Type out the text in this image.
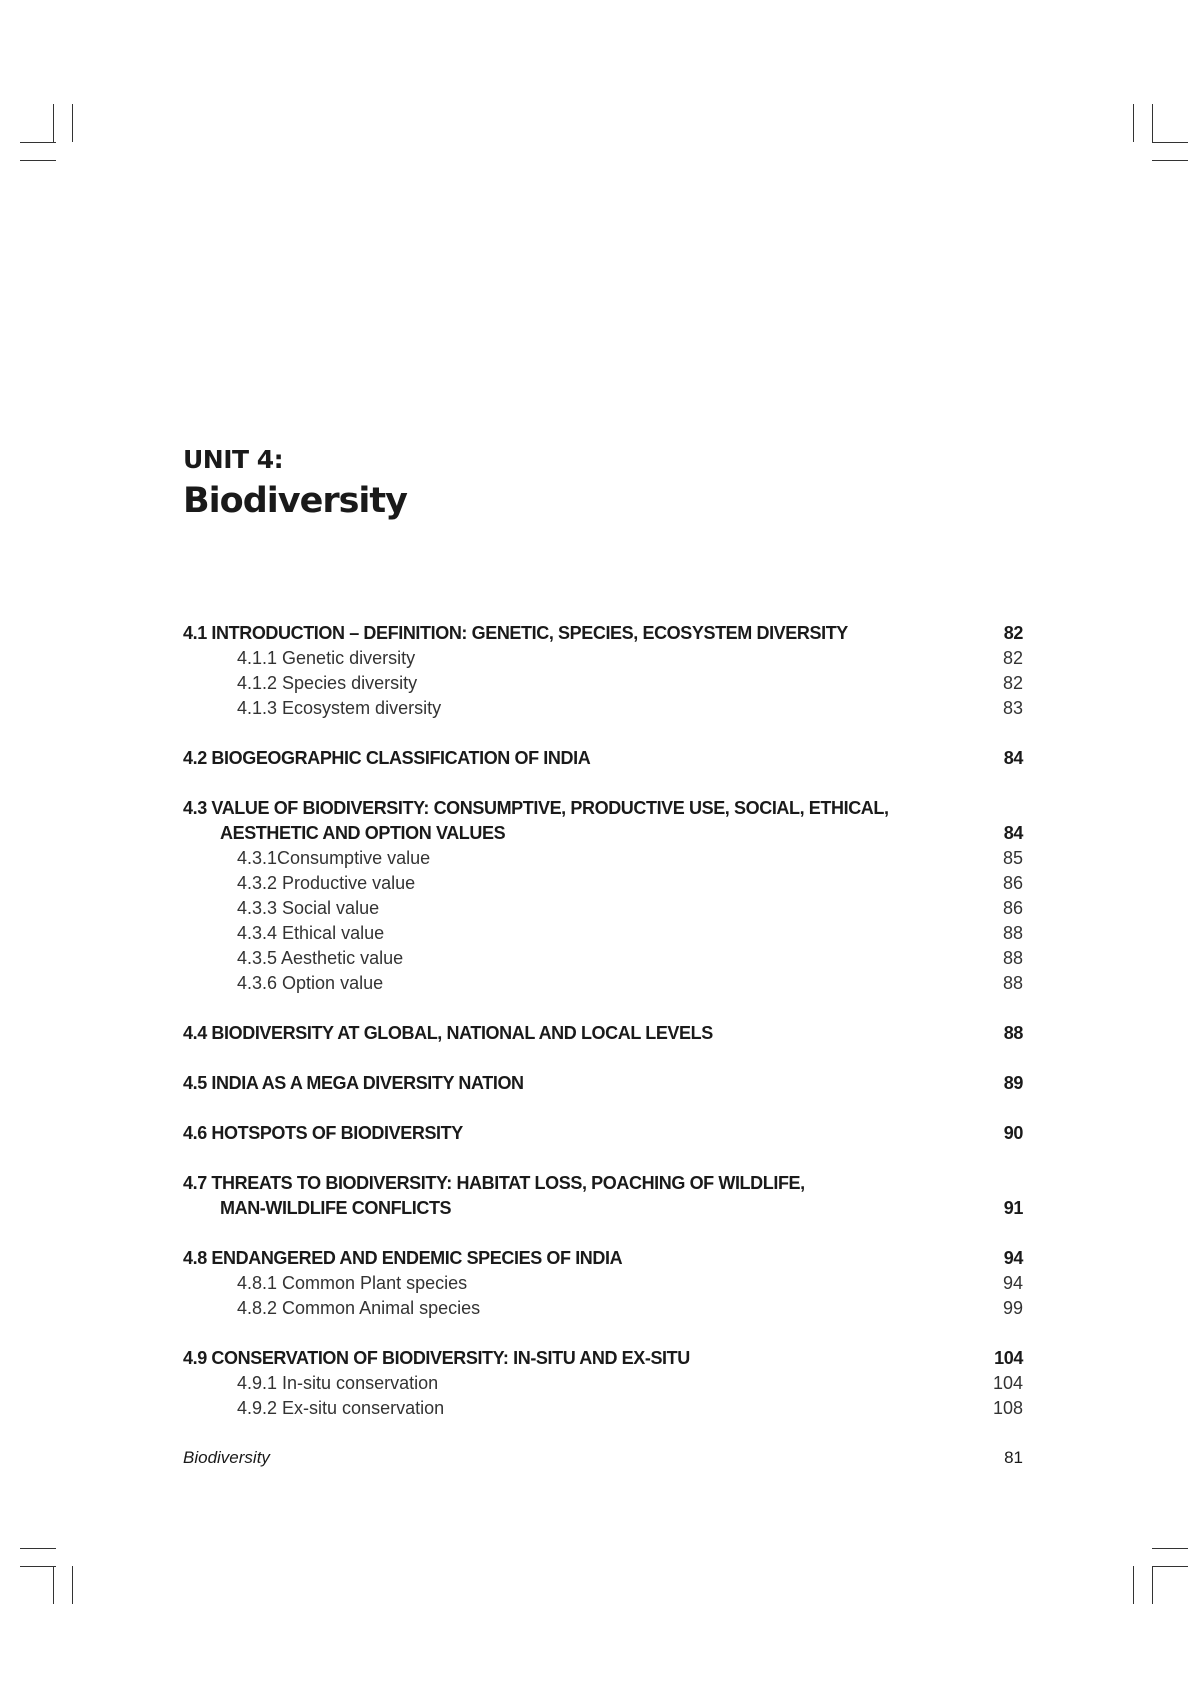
UNIT 4:
Biodiversity
4.1 INTRODUCTION – DEFINITION: GENETIC, SPECIES, ECOSYSTEM DIVERSITY	82
4.1.1 Genetic diversity	82
4.1.2 Species diversity	82
4.1.3 Ecosystem diversity	83
4.2 BIOGEOGRAPHIC CLASSIFICATION OF INDIA	84
4.3 VALUE OF BIODIVERSITY: CONSUMPTIVE, PRODUCTIVE USE, SOCIAL, ETHICAL,
AESTHETIC AND OPTION VALUES	84
4.3.1Consumptive value	85
4.3.2 Productive value	86
4.3.3 Social value	86
4.3.4 Ethical value	88
4.3.5 Aesthetic value	88
4.3.6 Option value	88
4.4 BIODIVERSITY AT GLOBAL, NATIONAL AND LOCAL LEVELS	88
4.5 INDIA AS A MEGA DIVERSITY NATION	89
4.6 HOTSPOTS OF BIODIVERSITY	90
4.7 THREATS TO BIODIVERSITY: HABITAT LOSS, POACHING OF WILDLIFE,
MAN-WILDLIFE CONFLICTS	91
4.8 ENDANGERED AND ENDEMIC SPECIES OF INDIA	94
4.8.1 Common Plant species	94
4.8.2 Common Animal species	99
4.9 CONSERVATION OF BIODIVERSITY: IN-SITU AND EX-SITU	104
4.9.1 In-situ conservation	104
4.9.2 Ex-situ conservation	108
Biodiversity	81
